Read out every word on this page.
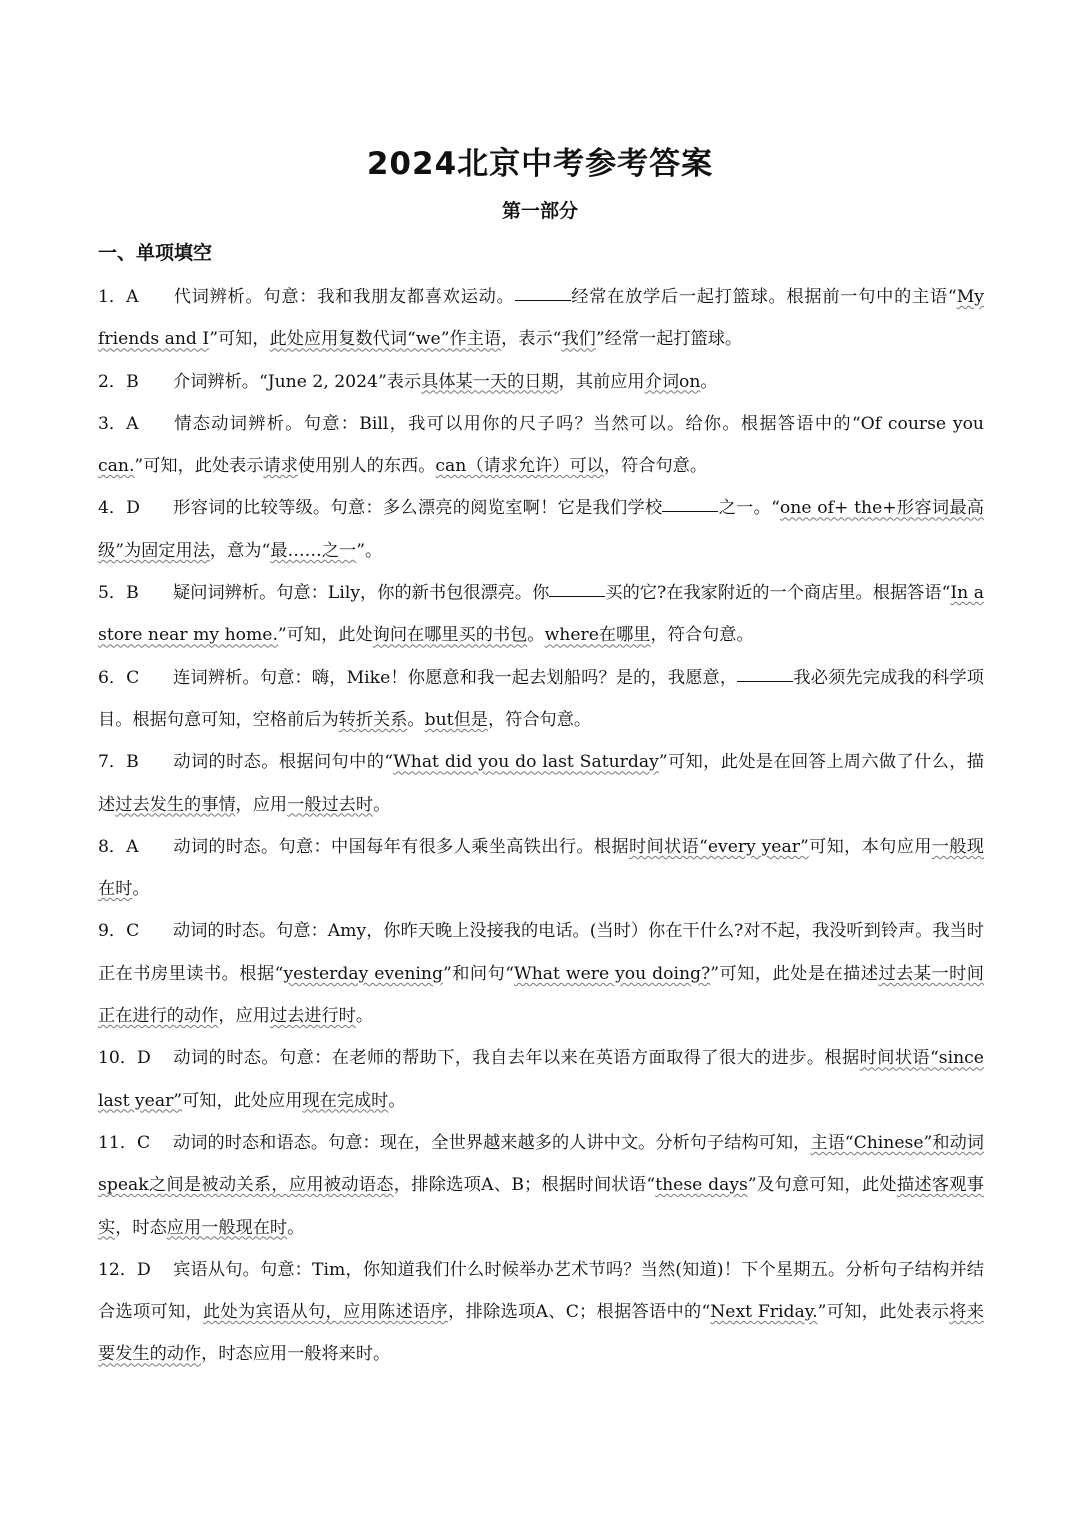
2024北京中考参考答案
第一部分
一、单项填空

1．A 代词辨析。句意：我和我朋友都喜欢运动。	经常在放学后一起打篮球。根据前一句中的主语“My friends and I”可知，此处应用复数代词“we”作主语，表示“我们”经常一起打篮球。

2．B 介词辨析。“June 2, 2024”表示具体某一天的日期，其前应用介词on。

3．A 情态动词辨析。句意：Bill，我可以用你的尺子吗？当然可以。给你。根据答语中的“Of course you can.”可知，此处表示请求使用别人的东西。can（请求允许）可以，符合句意。

4．D 形容词的比较等级。句意：多么漂亮的阅览室啊！它是我们学校	之一。“one of+ the+形容词最高级”为固定用法，意为“最……之一”。

5．B 疑问词辨析。句意：Lily，你的新书包很漂亮。你	买的它?在我家附近的一个商店里。根据答语“In a store near my home.”可知，此处询问在哪里买的书包。where在哪里，符合句意。

6．C 连词辨析。句意：嗨，Mike！你愿意和我一起去划船吗？是的，我愿意，	我必须先完成我的科学项目。根据句意可知，空格前后为转折关系。but但是，符合句意。

7．B 动词的时态。根据问句中的“What did you do last Saturday”可知，此处是在回答上周六做了什么，描述过去发生的事情，应用一般过去时。

8．A 动词的时态。句意：中国每年有很多人乘坐高铁出行。根据时间状语“every year”可知，本句应用一般现在时。

9．C 动词的时态。句意：Amy，你昨天晚上没接我的电话。(当时）你在干什么?对不起，我没听到铃声。我当时正在书房里读书。根据“yesterday evening”和问句“What were you doing?”可知，此处是在描述过去某一时间正在进行的动作，应用过去进行时。

10．D 动词的时态。句意：在老师的帮助下，我自去年以来在英语方面取得了很大的进步。根据时间状语“since last year”可知，此处应用现在完成时。

11．C 动词的时态和语态。句意：现在，全世界越来越多的人讲中文。分析句子结构可知，主语“Chinese”和动词speak之间是被动关系，应用被动语态，排除选项A、B；根据时间状语“these days”及句意可知，此处描述客观事实，时态应用一般现在时。

12．D 宾语从句。句意：Tim，你知道我们什么时候举办艺术节吗？当然(知道)！下个星期五。分析句子结构并结合选项可知，此处为宾语从句，应用陈述语序，排除选项A、C；根据答语中的“Next Friday.”可知，此处表示将来要发生的动作，时态应用一般将来时。
